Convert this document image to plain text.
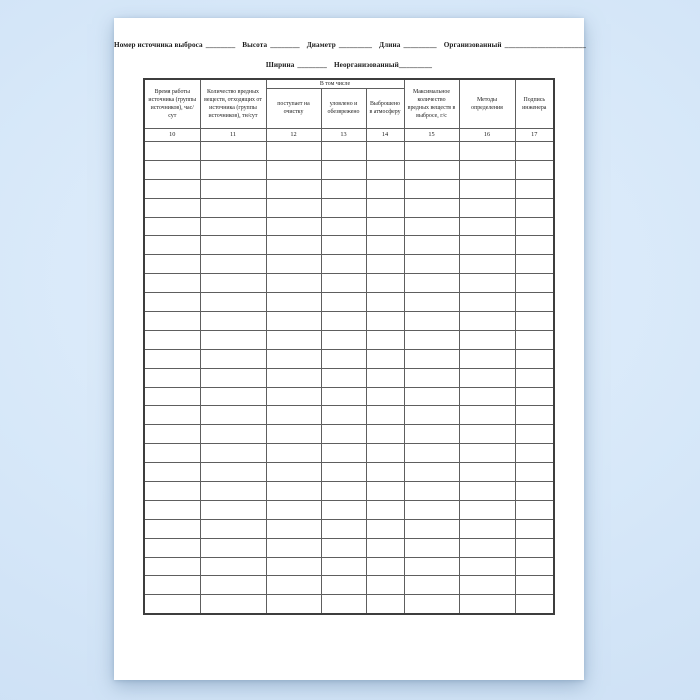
Номер источника выброса ________ Высота ________ Диаметр _________ Длина _________ Организованный ______________________
Ширина ________ Неорганизованный_________
Время работы источника (группы источников), час/сут	Количество вредных веществ, отходящих от источника (группы источников), тн/сут	В том числе			Максимальное количество вредных веществ в выбросе, г/с	Методы определения	Подпись инженера
		поступает на очистку	уловлено и обезврежено	Выброшено в атмосферу			
10	11	12	13	14	15	16	17
